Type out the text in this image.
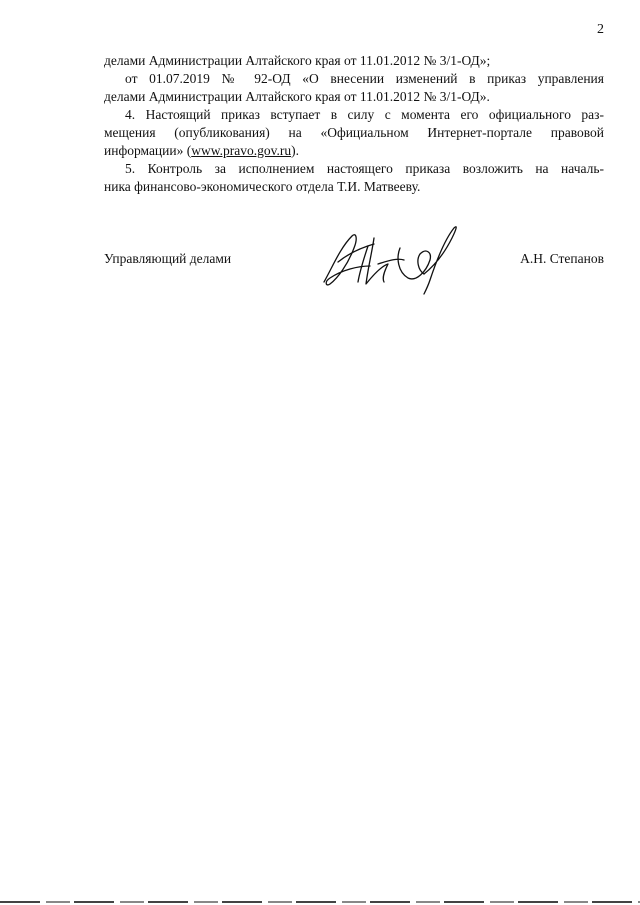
2
делами Администрации Алтайского края от 11.01.2012 № 3/1-ОД»;
от 01.07.2019 № 92-ОД «О внесении изменений в приказ управления
делами Администрации Алтайского края от 11.01.2012 № 3/1-ОД».
4. Настоящий приказ вступает в силу с момента его официального раз-
мещения (опубликования) на «Официальном Интернет-портале правовой
информации» (www.pravo.gov.ru).
5. Контроль за исполнением настоящего приказа возложить на началь-
ника финансово-экономического отдела Т.И. Матвееву.
Управляющий делами	А.Н. Степанов
